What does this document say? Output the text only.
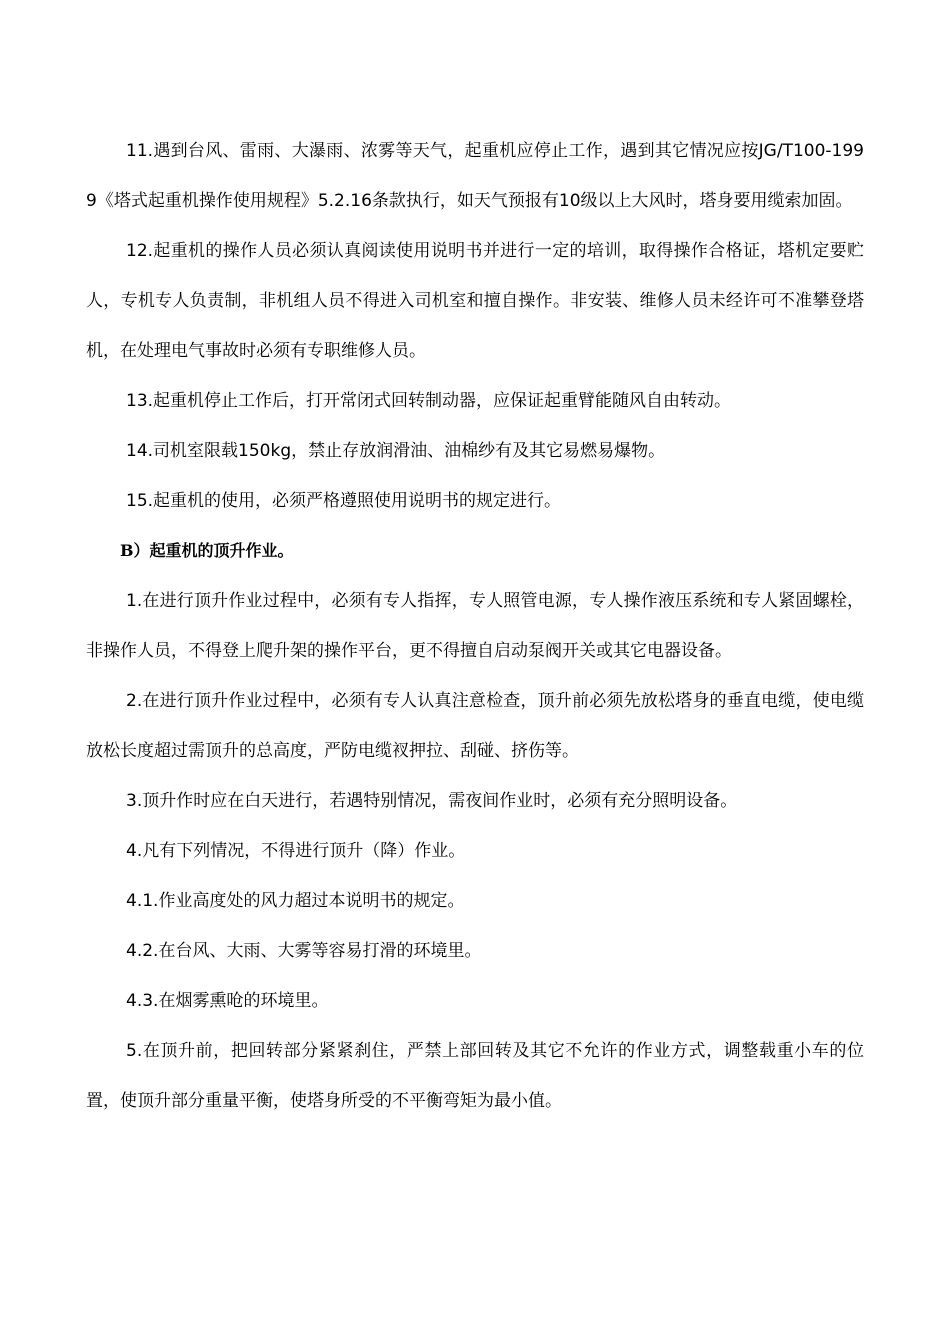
11.遇到台风、雷雨、大瀑雨、浓雾等天气，起重机应停止工作，遇到其它情况应按JG/T100-1999《塔式起重机操作使用规程》5.2.16条款执行，如天气预报有10级以上大风时，塔身要用缆索加固。

12.起重机的操作人员必须认真阅读使用说明书并进行一定的培训，取得操作合格证，塔机定要贮人，专机专人负责制，非机组人员不得进入司机室和擅自操作。非安装、维修人员未经许可不准攀登塔机，在处理电气事故时必须有专职维修人员。

13.起重机停止工作后，打开常闭式回转制动器，应保证起重臂能随风自由转动。

14.司机室限载150kg，禁止存放润滑油、油棉纱有及其它易燃易爆物。

15.起重机的使用，必须严格遵照使用说明书的规定进行。

B）起重机的顶升作业。

1.在进行顶升作业过程中，必须有专人指挥，专人照管电源，专人操作液压系统和专人紧固螺栓，非操作人员，不得登上爬升架的操作平台，更不得擅自启动泵阀开关或其它电器设备。

2.在进行顶升作业过程中，必须有专人认真注意检查，顶升前必须先放松塔身的垂直电缆，使电缆放松长度超过需顶升的总高度，严防电缆衩押拉、刮碰、挤伤等。

3.顶升作时应在白天进行，若遇特别情况，需夜间作业时，必须有充分照明设备。

4.凡有下列情况，不得进行顶升（降）作业。

4.1.作业高度处的风力超过本说明书的规定。

4.2.在台风、大雨、大雾等容易打滑的环境里。

4.3.在烟雾熏呛的环境里。

5.在顶升前，把回转部分紧紧刹住，严禁上部回转及其它不允许的作业方式，调整载重小车的位置，使顶升部分重量平衡，使塔身所受的不平衡弯矩为最小值。
